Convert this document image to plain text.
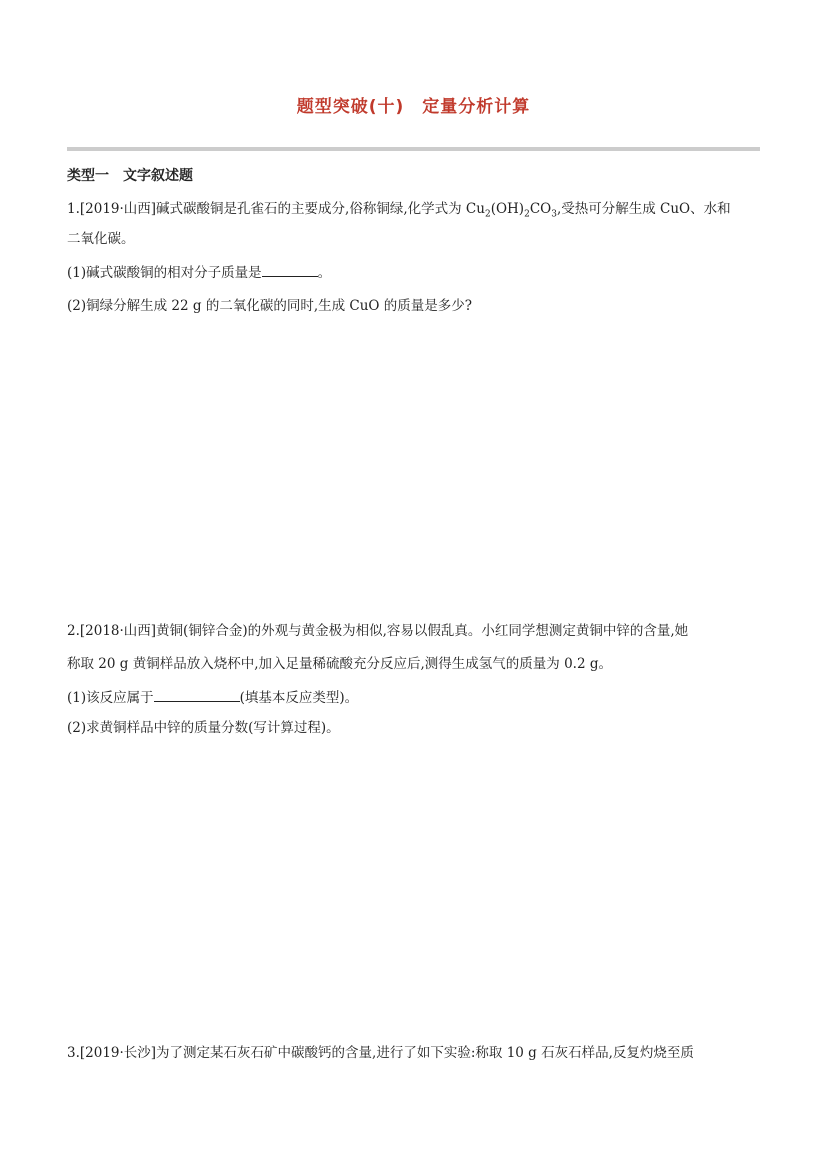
题型突破(十)　定量分析计算
类型一　文字叙述题
1.[2019·山西]碱式碳酸铜是孔雀石的主要成分,俗称铜绿,化学式为 $Cu_2(OH)_2CO_3$,受热可分解生成 CuO、水和
二氧化碳。
(1)碱式碳酸铜的相对分子质量是	。
(2)铜绿分解生成 22 g 的二氧化碳的同时,生成 CuO 的质量是多少?
2.[2018·山西]黄铜(铜锌合金)的外观与黄金极为相似,容易以假乱真。小红同学想测定黄铜中锌的含量,她
称取 20 g 黄铜样品放入烧杯中,加入足量稀硫酸充分反应后,测得生成氢气的质量为 0.2 g。
(1)该反应属于	(填基本反应类型)。
(2)求黄铜样品中锌的质量分数(写计算过程)。
3.[2019·长沙]为了测定某石灰石矿中碳酸钙的含量,进行了如下实验:称取 10 g 石灰石样品,反复灼烧至质
